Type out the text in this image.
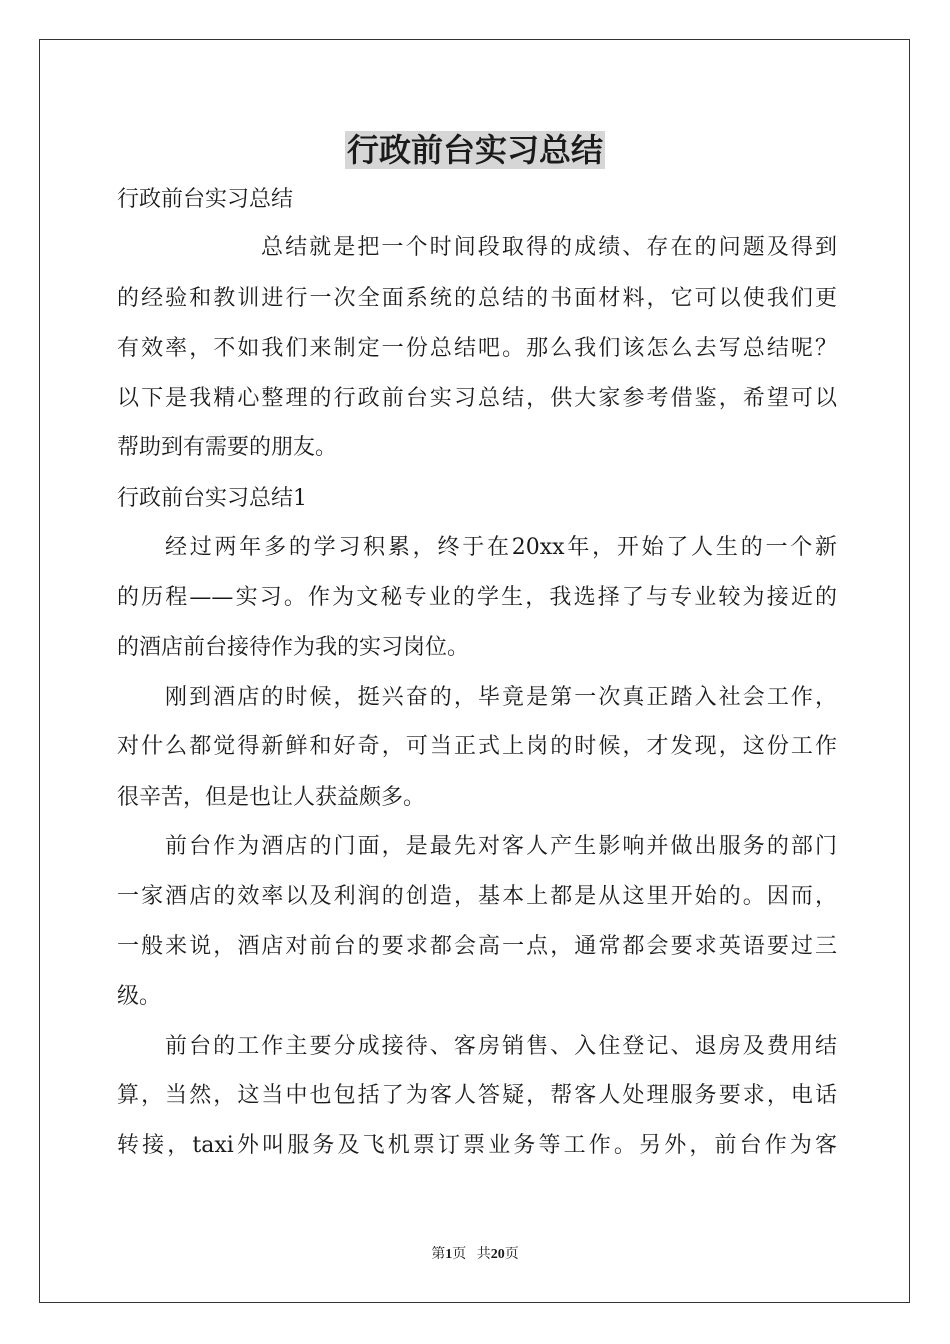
行政前台实习总结

行政前台实习总结

总结就是把一个时间段取得的成绩、存在的问题及得到

的经验和教训进行一次全面系统的总结的书面材料，它可以使我们更

有效率，不如我们来制定一份总结吧。那么我们该怎么去写总结呢？

以下是我精心整理的行政前台实习总结，供大家参考借鉴，希望可以

帮助到有需要的朋友。

行政前台实习总结1

经过两年多的学习积累，终于在20xx年，开始了人生的一个新

的历程——实习。作为文秘专业的学生，我选择了与专业较为接近的

的酒店前台接待作为我的实习岗位。

刚到酒店的时候，挺兴奋的，毕竟是第一次真正踏入社会工作，

对什么都觉得新鲜和好奇，可当正式上岗的时候，才发现，这份工作

很辛苦，但是也让人获益颇多。

前台作为酒店的门面，是最先对客人产生影响并做出服务的部门

一家酒店的效率以及利润的创造，基本上都是从这里开始的。因而，

一般来说，酒店对前台的要求都会高一点，通常都会要求英语要过三

级。

前台的工作主要分成接待、客房销售、入住登记、退房及费用结

算，当然，这当中也包括了为客人答疑，帮客人处理服务要求，电话

转接，taxi外叫服务及飞机票订票业务等工作。另外，前台作为客

第1页 共20页
